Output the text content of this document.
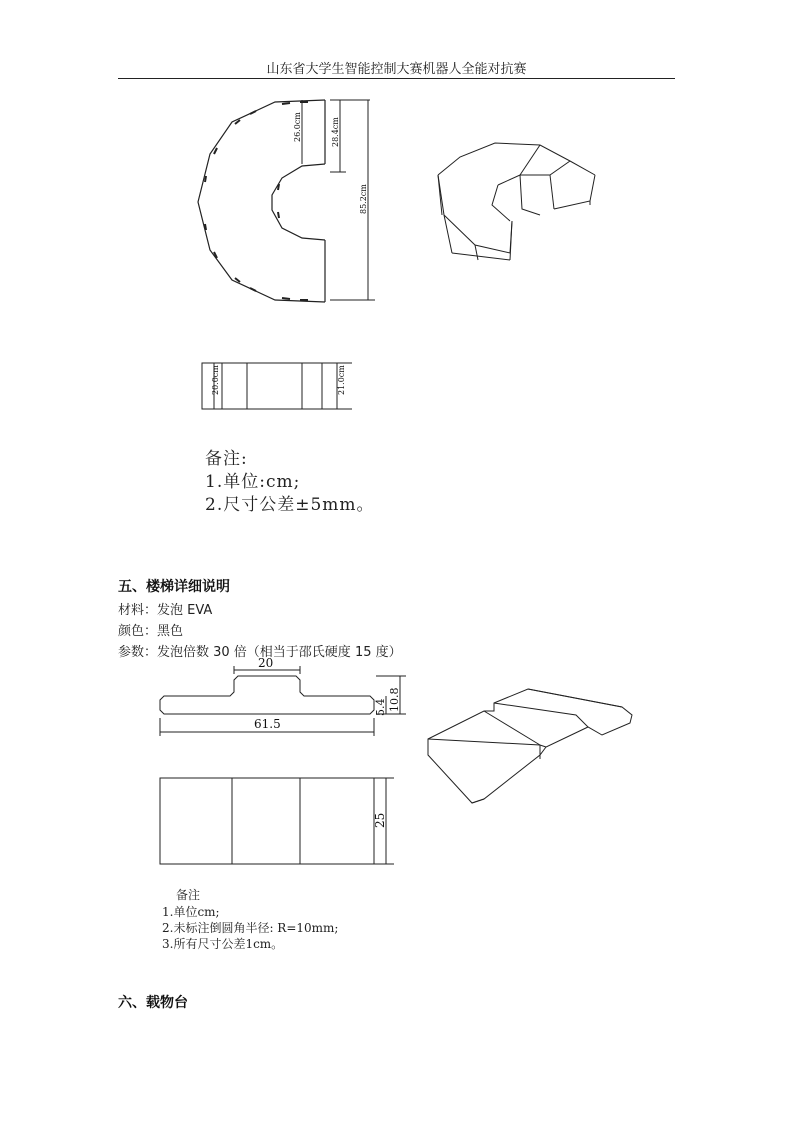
山东省大学生智能控制大赛机器人全能对抗赛
26.0cm	28.4cm
85.2cm
20.0cm	21.0cm
备注:
1.单位:cm;
2.尺寸公差±5mm。
五、楼梯详细说明
材料：发泡 EVA
颜色：黑色
参数：发泡倍数 30 倍（相当于邵氏硬度 15 度）
20
61.5
5.4 10.8
25
备注
1.单位cm;
2.未标注倒圆角半径: R=10mm;
3.所有尺寸公差1cm。
六、载物台
